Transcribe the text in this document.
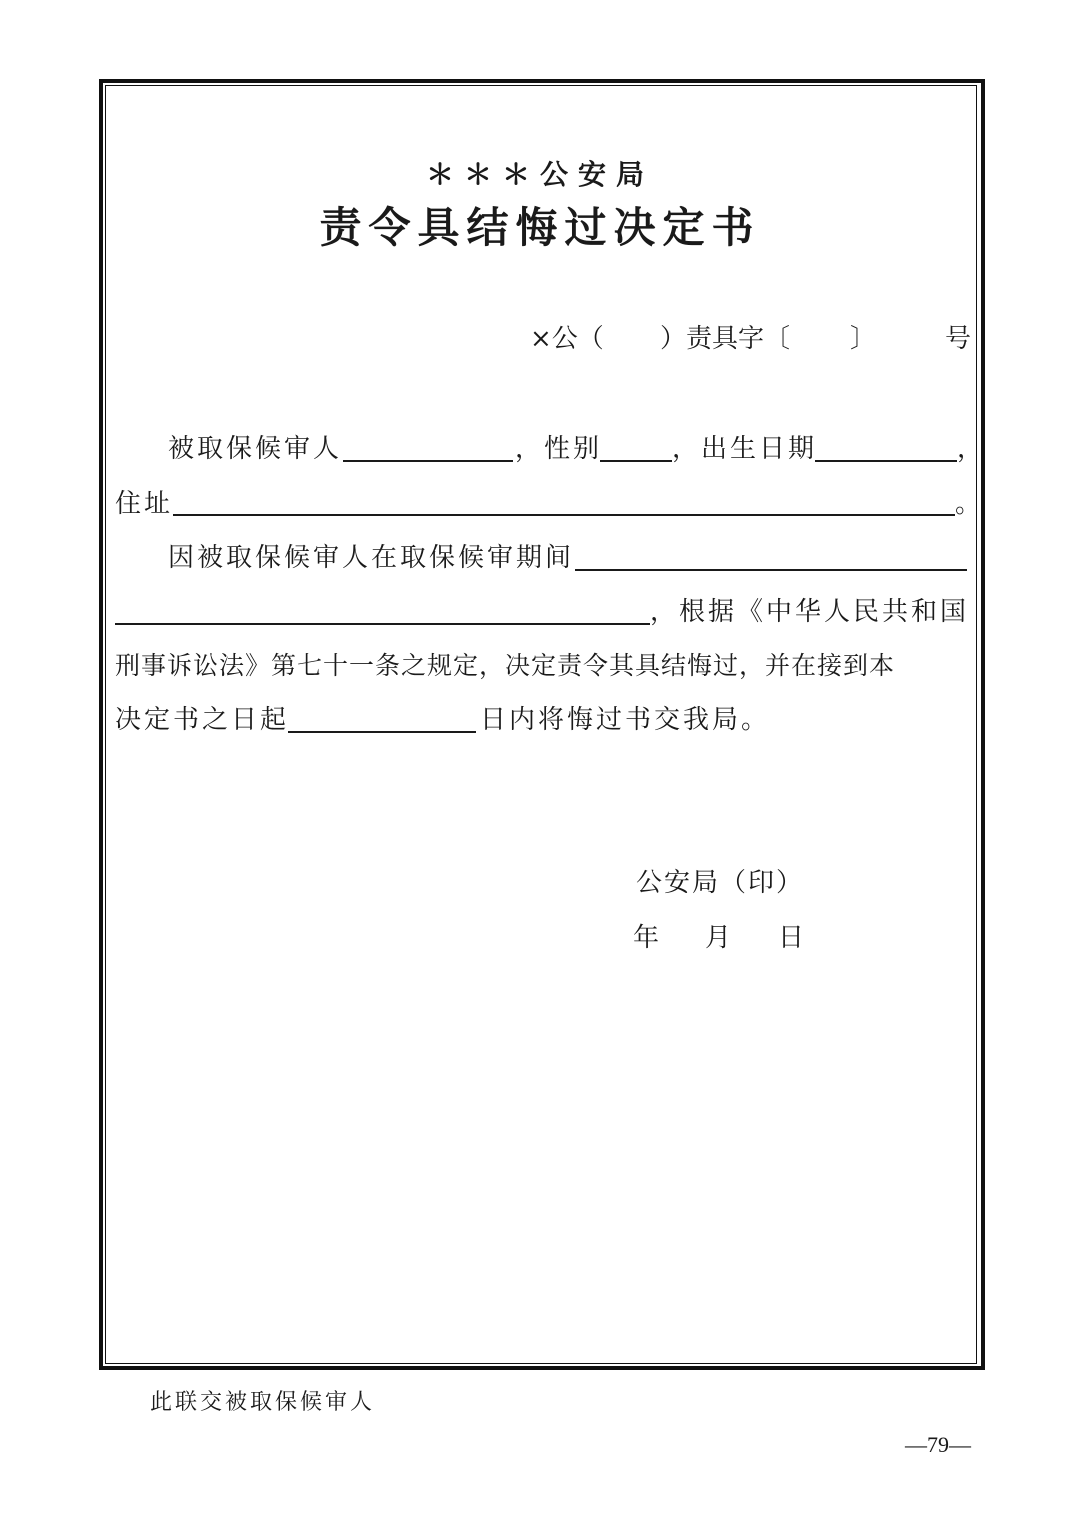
＊＊＊公安局
责令具结悔过决定书
×公（ ）责具字〔 〕	号
被取保候审人	，性别	，出生日期	，
住址	。
因被取保候审人在取保候审期间
，根据《中华人民共和国
刑事诉讼法》第七十一条之规定，决定责令其具结悔过，并在接到本
决定书之日起	日内将悔过书交我局。
公安局（印）
年 月 日
此联交被取保候审人
—79—
